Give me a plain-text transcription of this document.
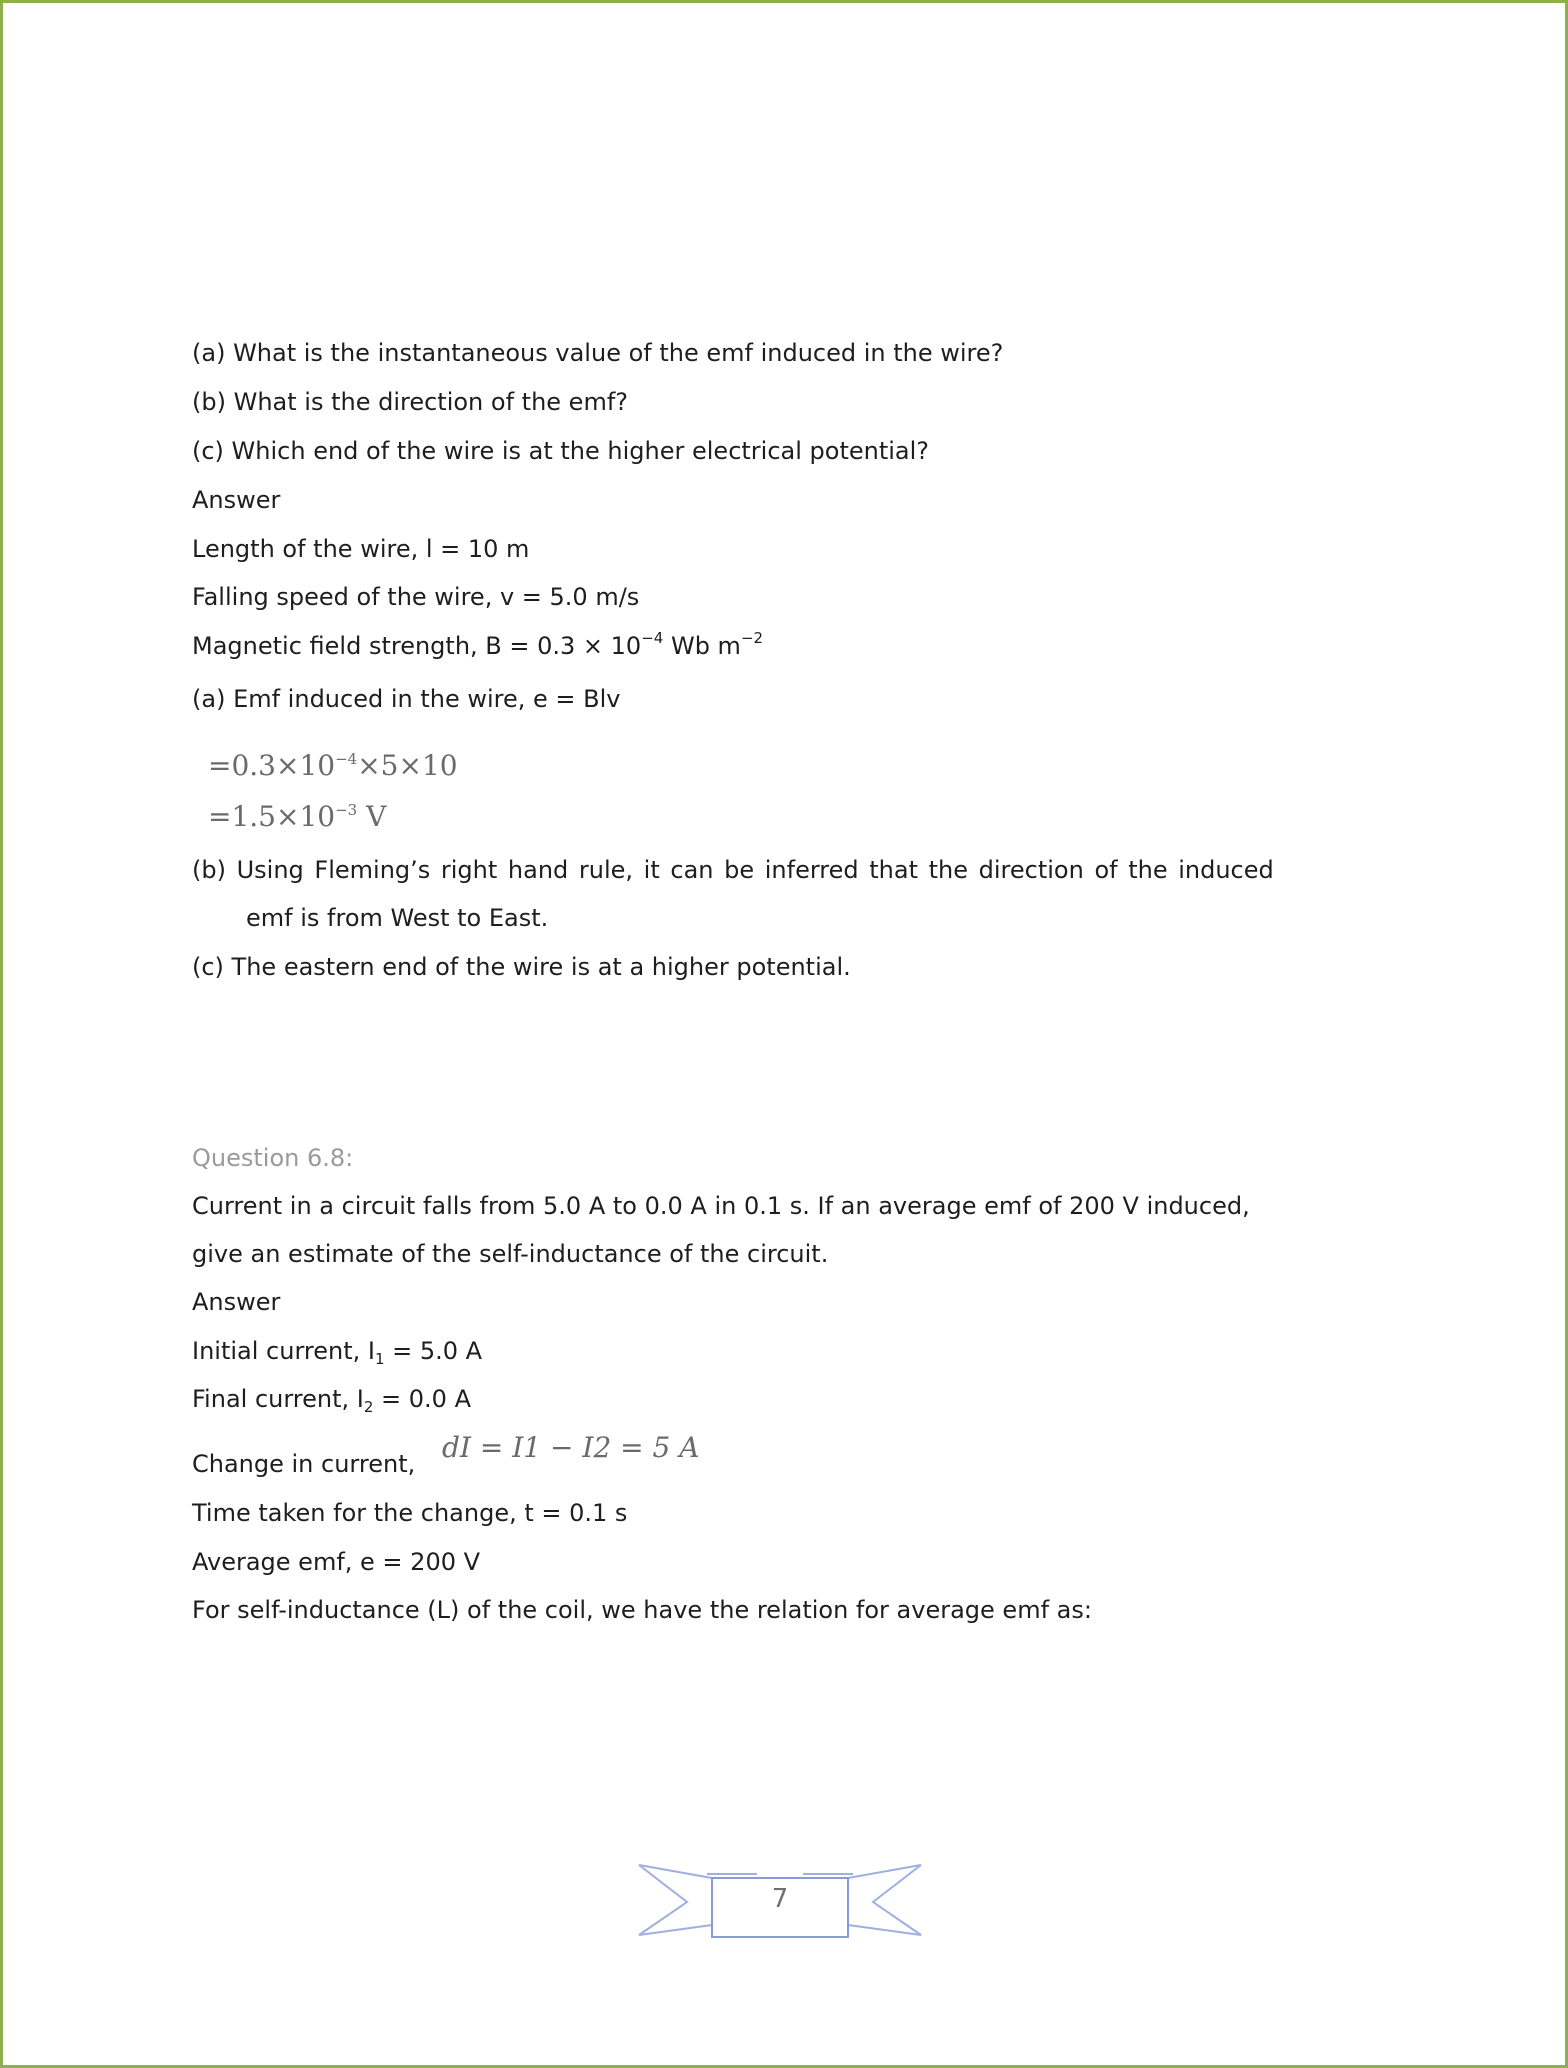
(a) What is the instantaneous value of the emf induced in the wire?
(b) What is the direction of the emf?
(c) Which end of the wire is at the higher electrical potential?
Answer
Length of the wire, l = 10 m
Falling speed of the wire, v = 5.0 m/s
Magnetic field strength, $B = 0.3 \times 10^{-4}$ Wb $m^{-2}$
(a) Emf induced in the wire, e = Blv
$=0.3\times 10^{-4}\times 5\times 10$
$=1.5\times 10^{-3}$ V
(b) Using Fleming’s right hand rule, it can be inferred that the direction of the induced
emf is from West to East.
(c) The eastern end of the wire is at a higher potential.
Question 6.8:
Current in a circuit falls from 5.0 A to 0.0 A in 0.1 s. If an average emf of 200 V induced,
give an estimate of the self-inductance of the circuit.
Answer
Initial current, $I_1 = 5.0$ A
Final current, $I_2 = 0.0$ A
Change in current, dI = I1 − I2 = 5 A
Time taken for the change, t = 0.1 s
Average emf, e = 200 V
For self-inductance (L) of the coil, we have the relation for average emf as:
7
